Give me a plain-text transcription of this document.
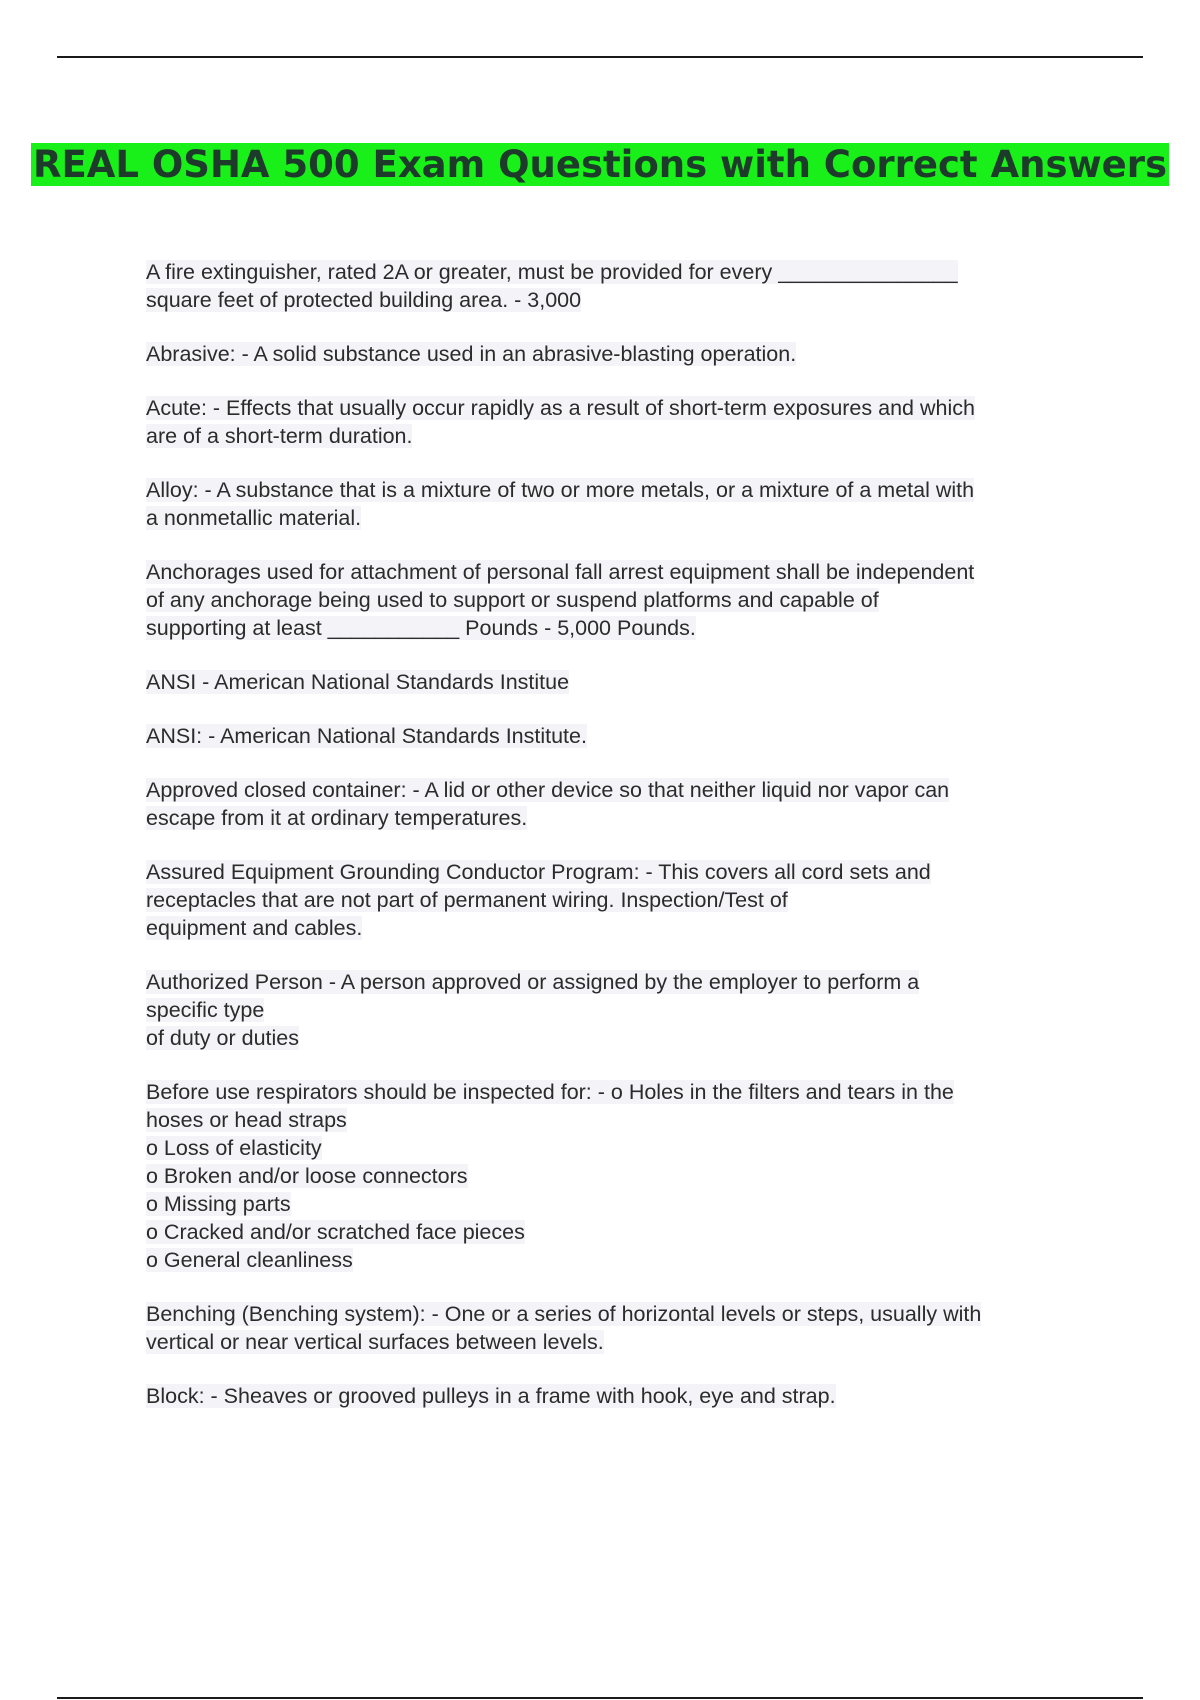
REAL OSHA 500 Exam Questions with Correct Answers
A fire extinguisher, rated 2A or greater, must be provided for every _______________
square feet of protected building area. - 3,000
Abrasive: - A solid substance used in an abrasive-blasting operation.
Acute: - Effects that usually occur rapidly as a result of short-term exposures and which
are of a short-term duration.
Alloy: - A substance that is a mixture of two or more metals, or a mixture of a metal with
a nonmetallic material.
Anchorages used for attachment of personal fall arrest equipment shall be independent
of any anchorage being used to support or suspend platforms and capable of
supporting at least ___________ Pounds - 5,000 Pounds.
ANSI - American National Standards Institue
ANSI: - American National Standards Institute.
Approved closed container: - A lid or other device so that neither liquid nor vapor can
escape from it at ordinary temperatures.
Assured Equipment Grounding Conductor Program: - This covers all cord sets and
receptacles that are not part of permanent wiring. Inspection/Test of
equipment and cables.
Authorized Person - A person approved or assigned by the employer to perform a
specific type
of duty or duties
Before use respirators should be inspected for: - o Holes in the filters and tears in the
hoses or head straps
o Loss of elasticity
o Broken and/or loose connectors
o Missing parts
o Cracked and/or scratched face pieces
o General cleanliness
Benching (Benching system): - One or a series of horizontal levels or steps, usually with
vertical or near vertical surfaces between levels.
Block: - Sheaves or grooved pulleys in a frame with hook, eye and strap.
